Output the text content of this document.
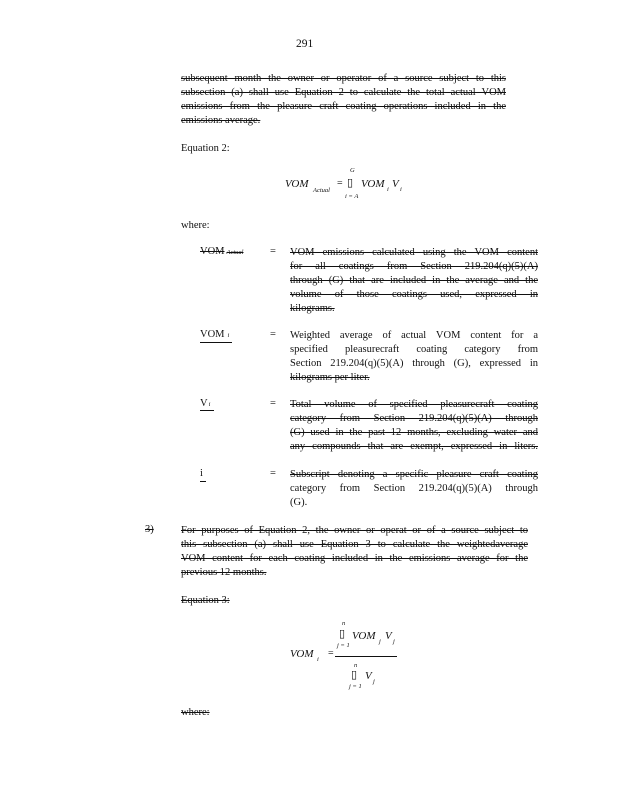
291
subsequent month the owner or operator of a source subject to this
subsection (a) shall use Equation 2 to calculate the total actual VOM
emissions from the pleasure craft coating operations included in the
emissions average.
Equation 2:
VOM
Actual
=
G
▯
i = A
VOM i V i
where:
VOM Actual	= VOM emissions calculated using the VOM content
for all coatings from Section 219.204(q)(5)(A)
through (G) that are included in the average and the
volume of those coatings used, expressed in
kilograms.
VOM i	= Weighted average of actual VOM content for a
specified pleasurecraft coating category from
Section 219.204(q)(5)(A) through (G), expressed in
kilograms per liter.
Vi	= Total volume of specified pleasurecraft coating
category from Section 219.204(q)(5)(A) through
(G) used in the past 12 months, excluding water and
any compounds that are exempt, expressed in liters.
i	= Subscript denoting a specific pleasure craft coating
category from Section 219.204(q)(5)(A) through
(G).
3)	For purposes of Equation 2, the owner or operat or of a source subject to
this subsection (a) shall use Equation 3 to calculate the weightedaverage
VOM content for each coating included in the emissions average for the
previous 12 months.
Equation 3:
VOM i
=
n
▯
j = 1
VOM j V j
n
▯
j = 1
V j
where:
